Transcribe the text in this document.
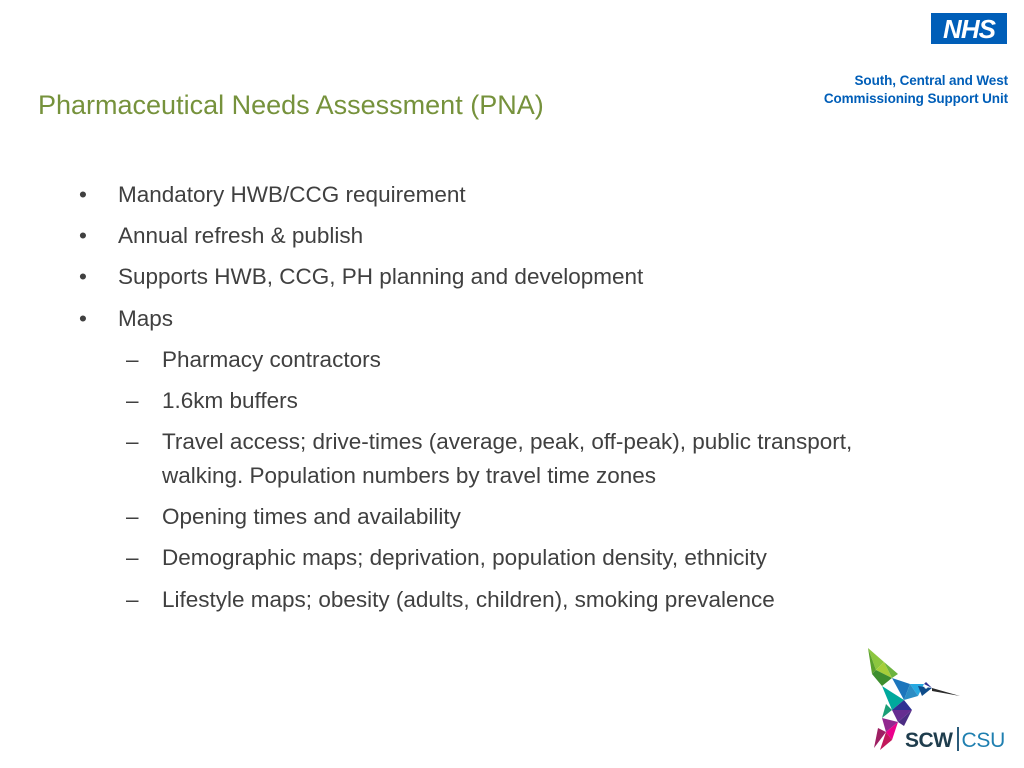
NHS
South, Central and West
Commissioning Support Unit
Pharmaceutical Needs Assessment (PNA)
•	Mandatory HWB/CCG requirement
•	Annual refresh & publish
•	Supports HWB, CCG, PH planning and development
•	Maps
– Pharmacy contractors
– 1.6km buffers
– Travel access; drive-times (average, peak, off-peak), public transport, walking. Population numbers by travel time zones
– Opening times and availability
– Demographic maps; deprivation, population density, ethnicity
– Lifestyle maps; obesity (adults, children), smoking prevalence
SCW CSU
